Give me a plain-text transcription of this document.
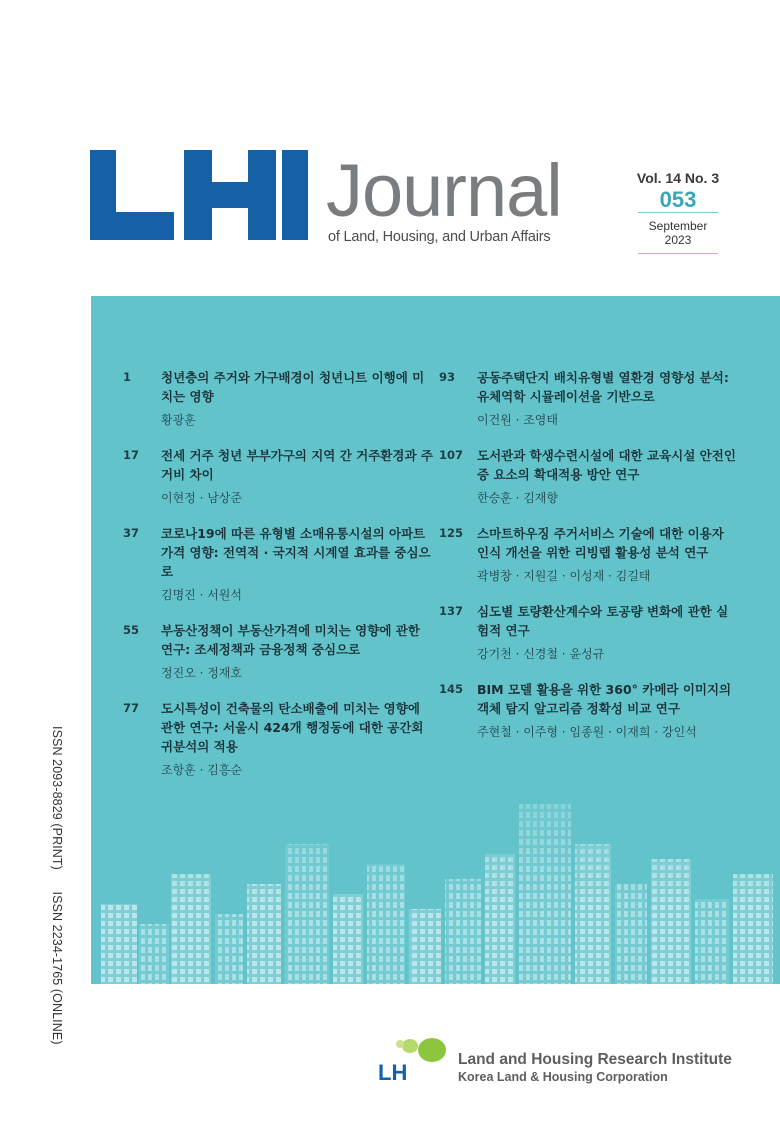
Journal
of Land, Housing, and Urban Affairs
Vol. 14 No. 3
053
September 2023
1	청년층의 주거와 가구배경이 청년니트 이행에 미치는 영향
황광훈
17	전세 거주 청년 부부가구의 지역 간 거주환경과 주거비 차이
이현정 · 남상준
37	코로나19에 따른 유형별 소매유통시설의 아파트 가격 영향: 전역적 · 국지적 시계열 효과를 중심으로
김명진 · 서원석
55	부동산정책이 부동산가격에 미치는 영향에 관한 연구: 조세정책과 금융정책 중심으로
정진오 · 정재호
77	도시특성이 건축물의 탄소배출에 미치는 영향에 관한 연구: 서울시 424개 행정동에 대한 공간회귀분석의 적용
조항훈 · 김흥순
93	공동주택단지 배치유형별 열환경 영향성 분석: 유체역학 시뮬레이션을 기반으로
이건원 · 조영태
107	도서관과 학생수련시설에 대한 교육시설 안전인증 요소의 확대적용 방안 연구
한승훈 · 김재향
125	스마트하우징 주거서비스 기술에 대한 이용자 인식 개선을 위한 리빙랩 활용성 분석 연구
곽병창 · 지원길 · 이성재 · 김길태
137	심도별 토량환산계수와 토공량 변화에 관한 실험적 연구
강기천 · 신경철 · 윤성규
145	BIM 모델 활용을 위한 360° 카메라 이미지의 객체 탐지 알고리즘 정확성 비교 연구
주현철 · 이주형 · 임종원 · 이재희 · 강인석
ISSN 2093-8829 (PRINT) ISSN 2234-1765 (ONLINE)
LH
Land and Housing Research Institute
Korea Land & Housing Corporation
